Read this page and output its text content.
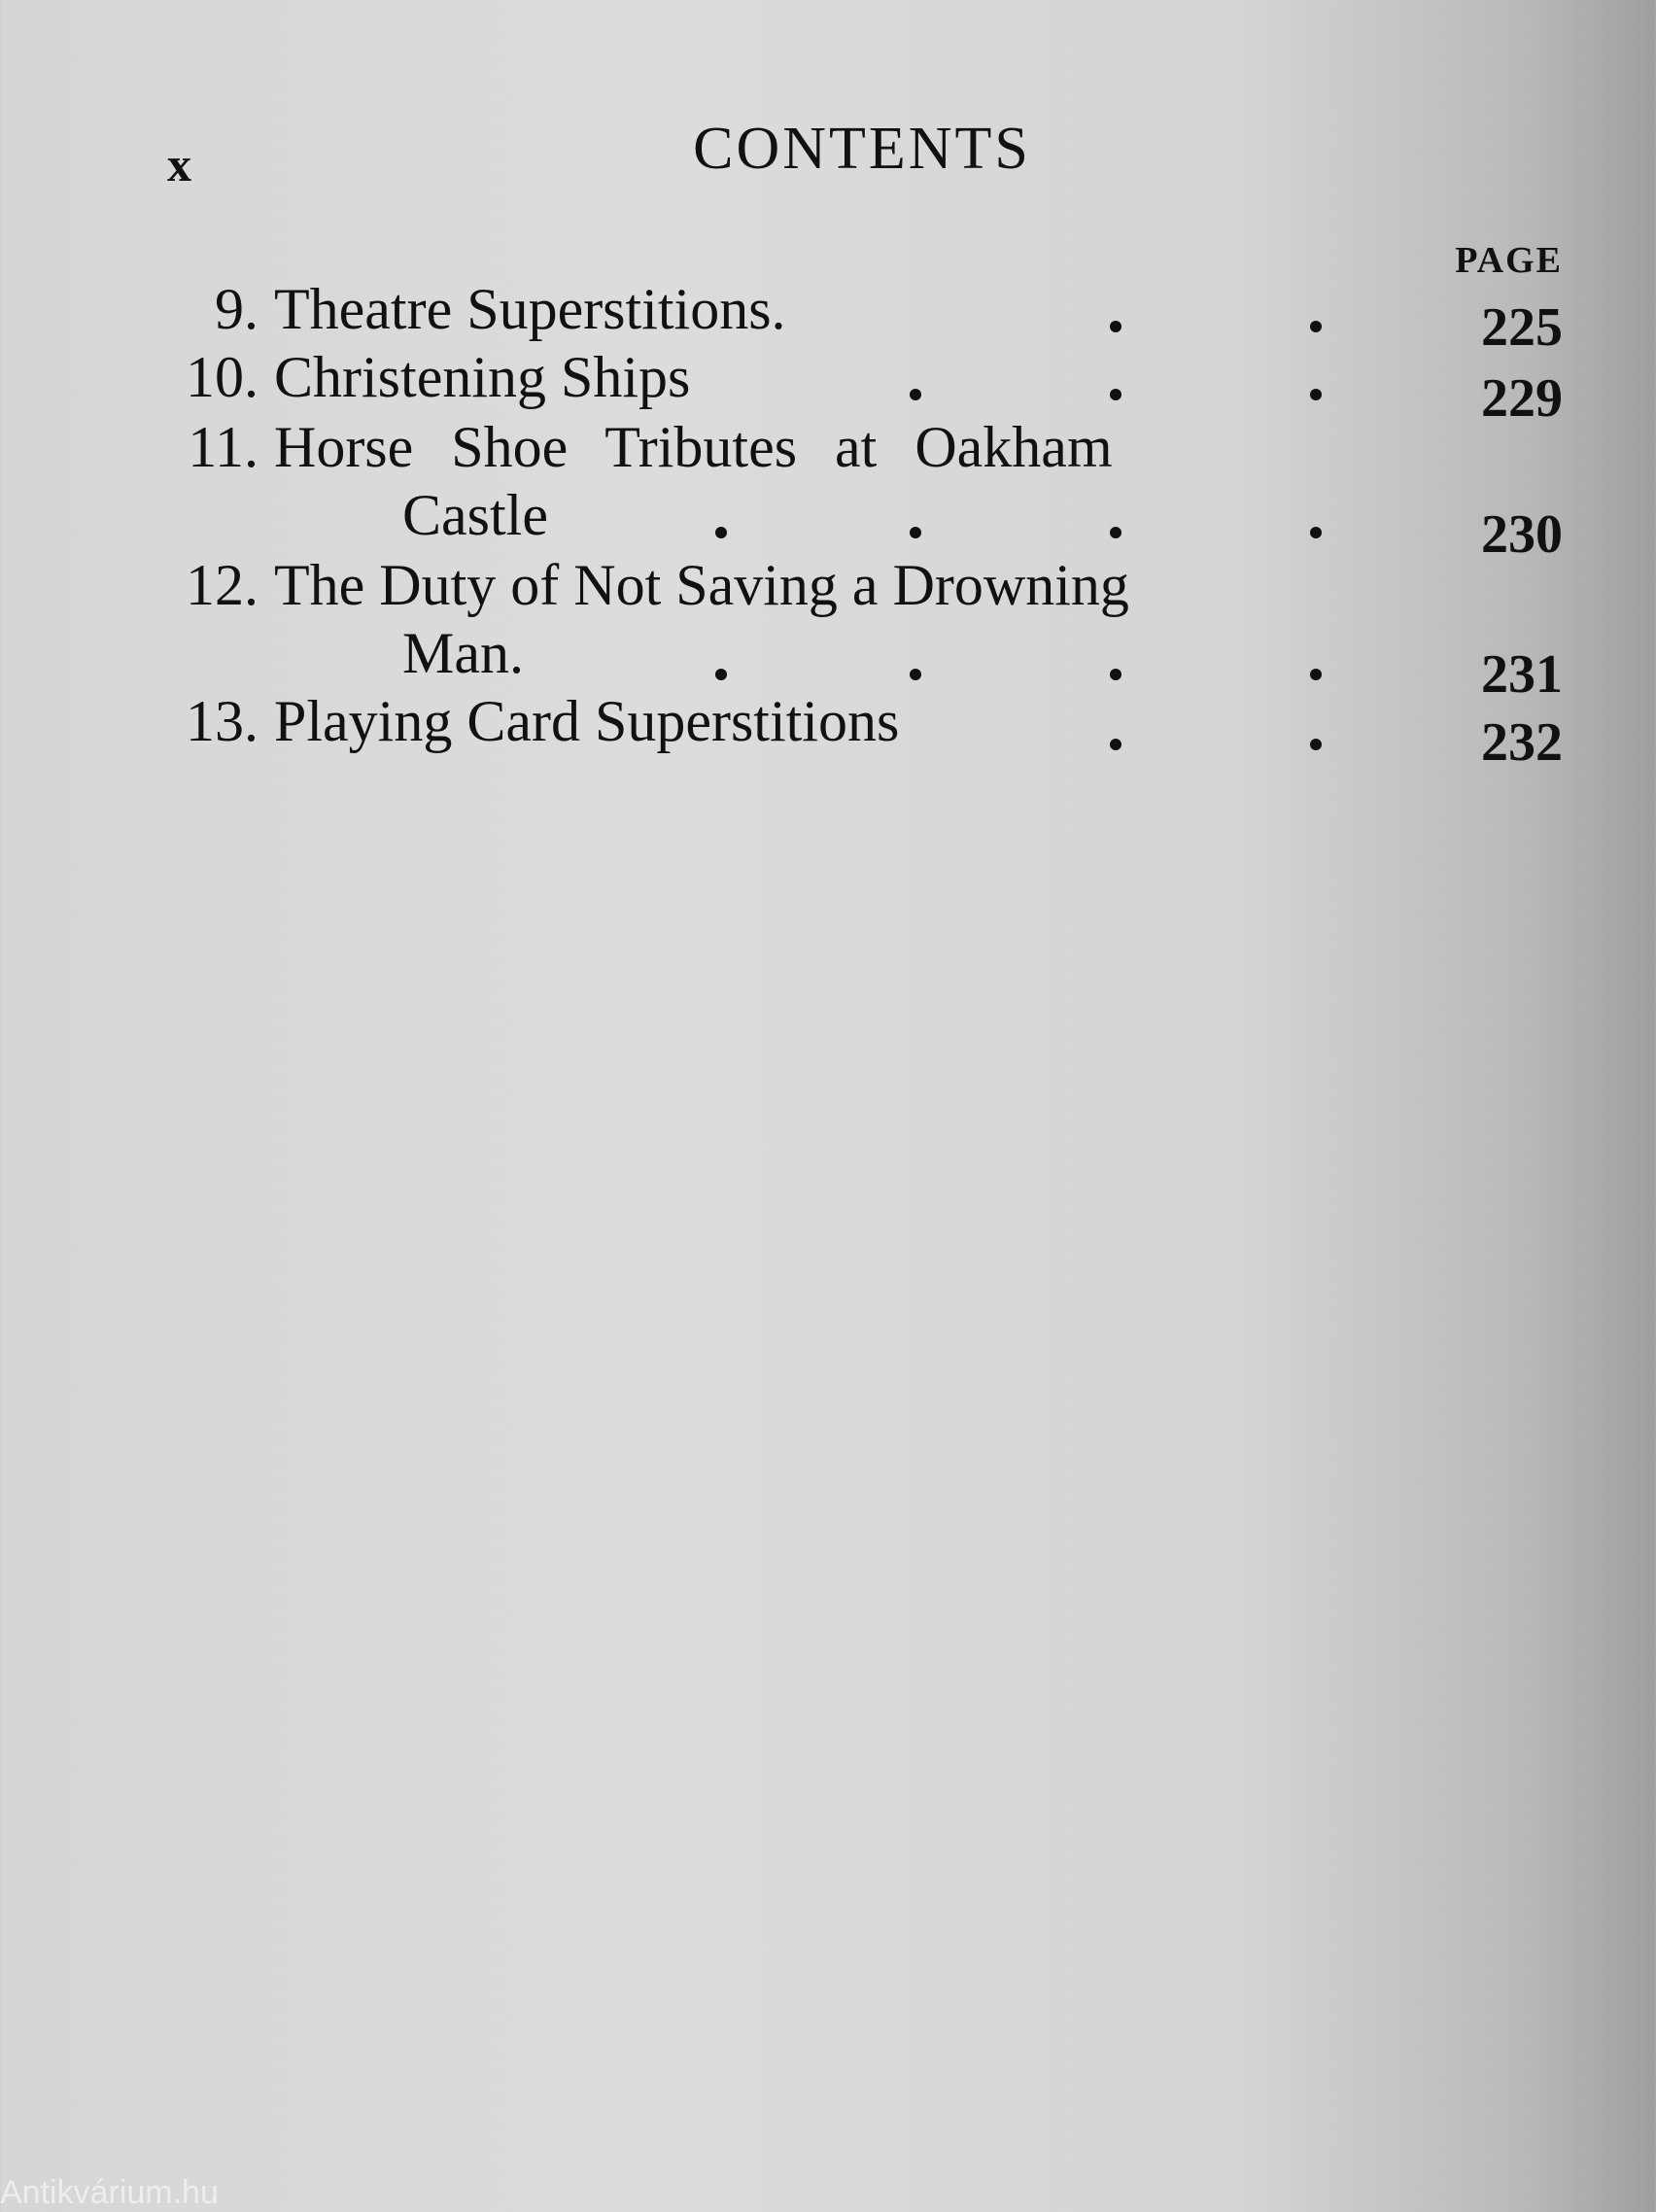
x	CONTENTS
PAGE
9. Theatre Superstitions.	225
10. Christening Ships	229
11. Horse Shoe Tributes at Oakham
Castle	230
12. The Duty of Not Saving a Drowning
Man.	231
13. Playing Card Superstitions	232
Antikvárium.hu
